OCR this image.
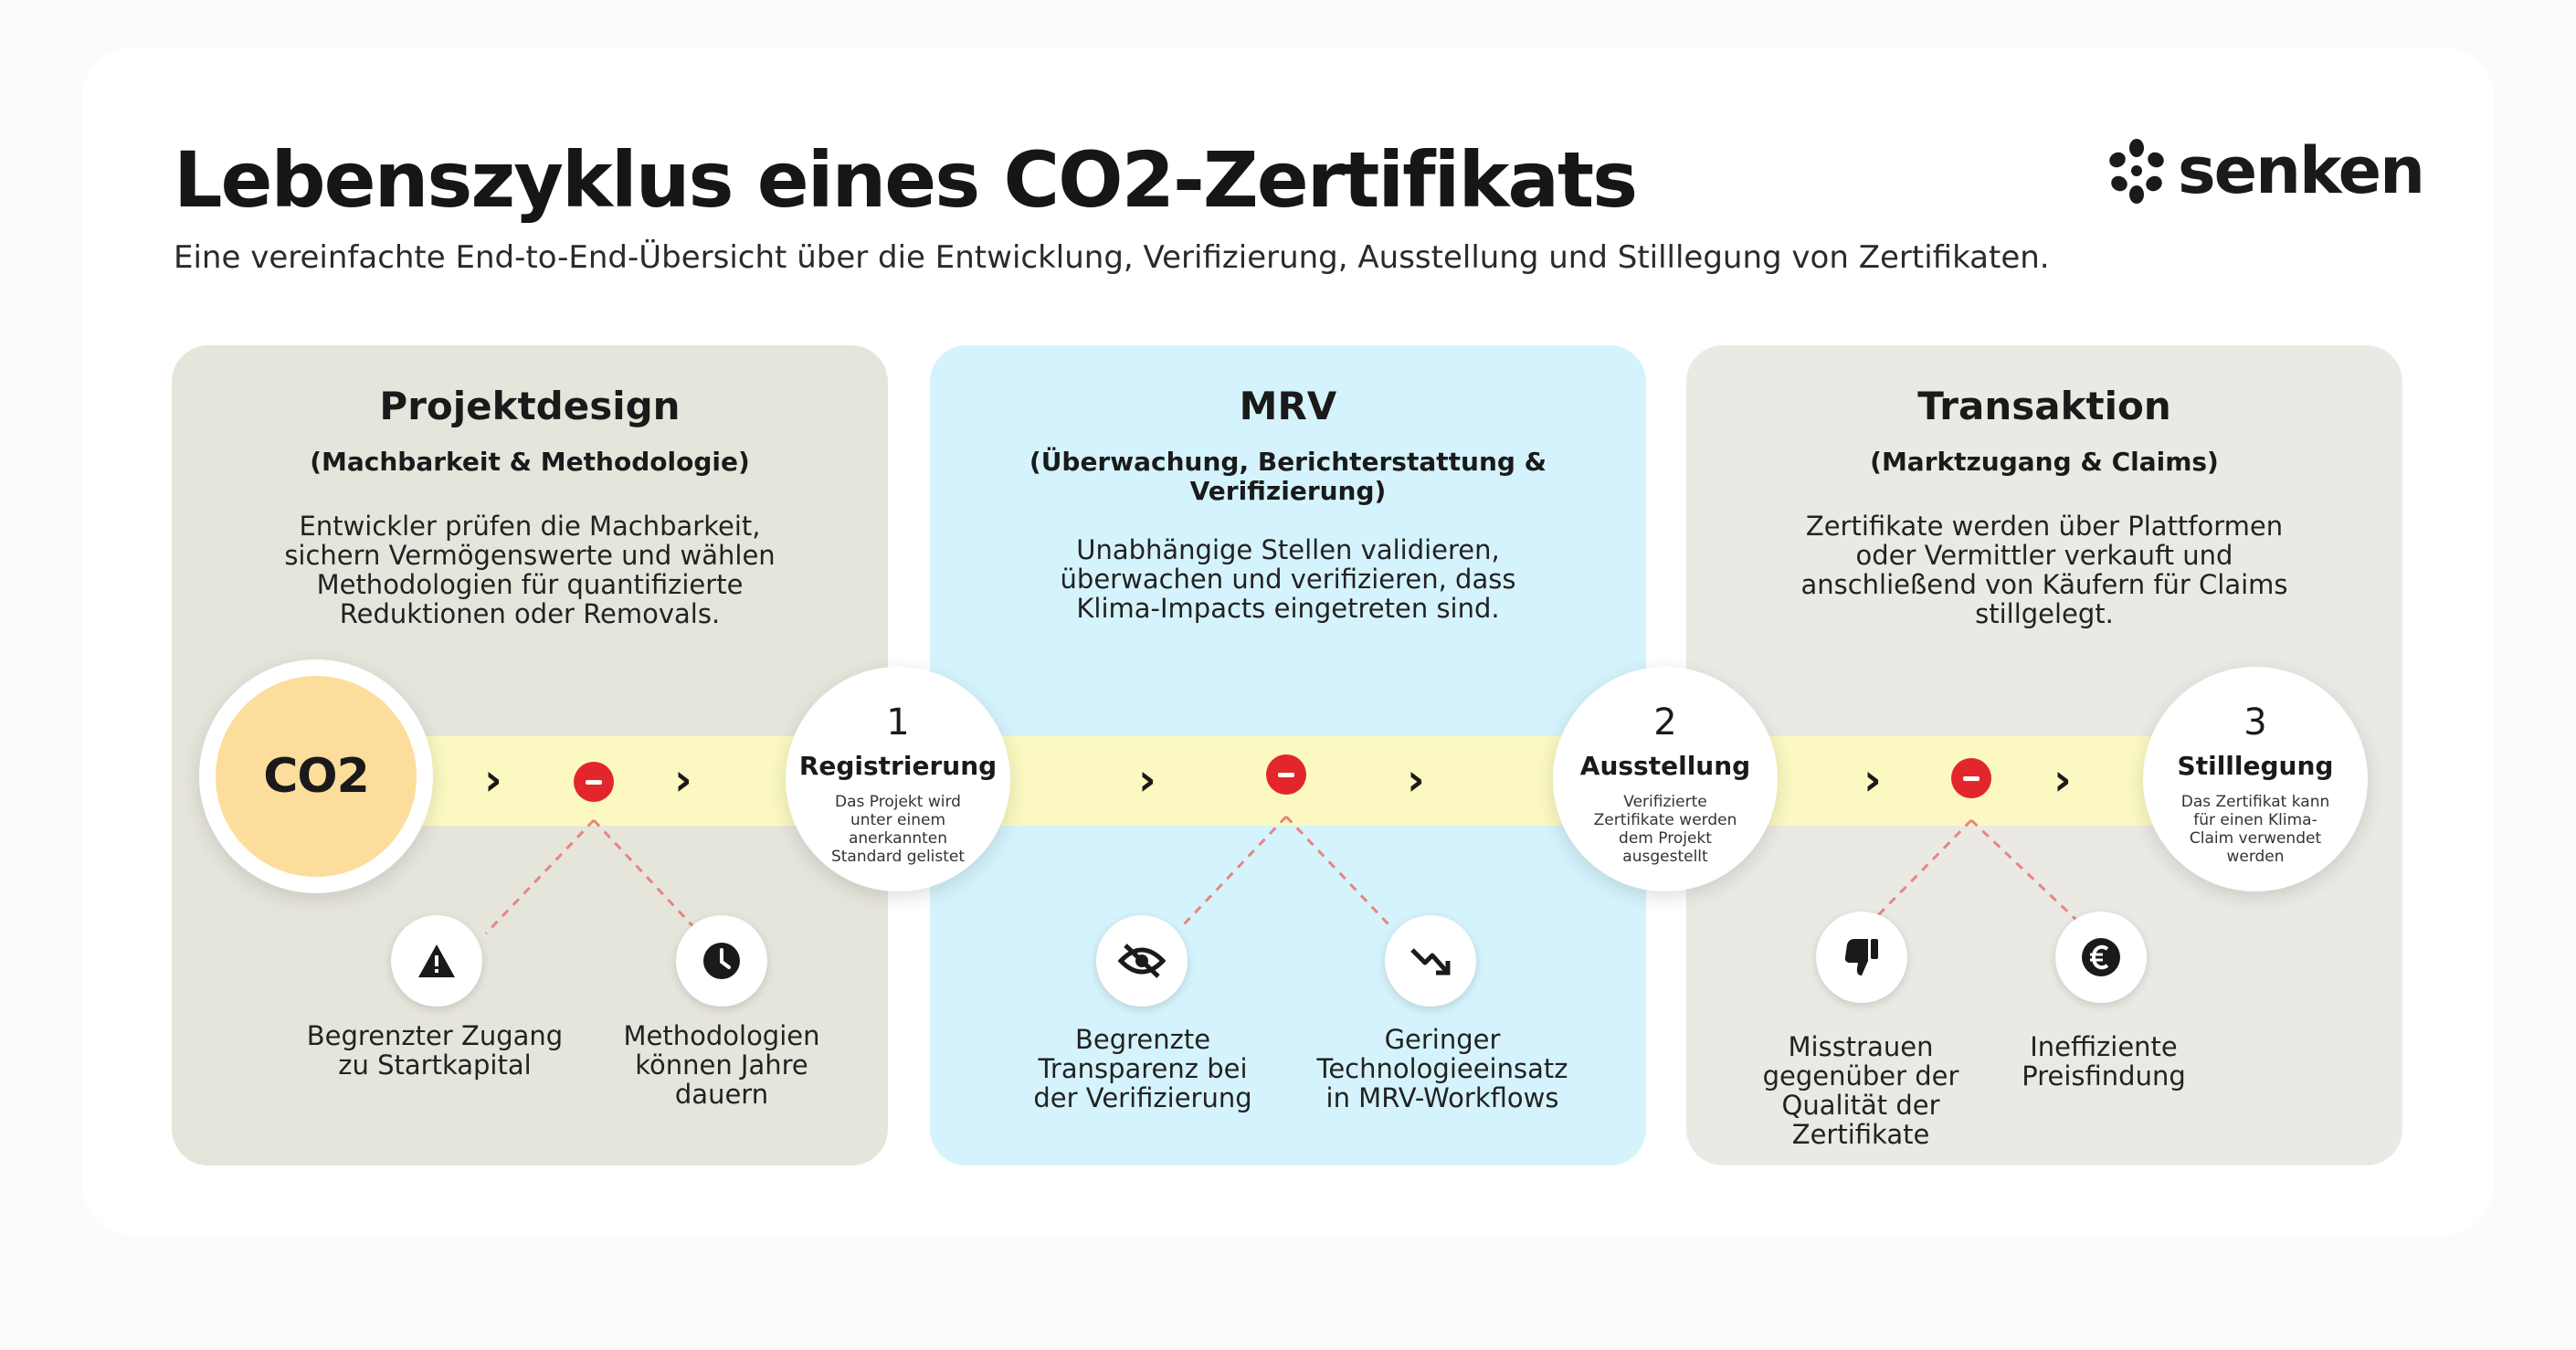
Lebenszyklus eines CO2-Zertifikats

Eine vereinfachte End-to-End-Übersicht über die Entwicklung, Verifizierung, Ausstellung und Stilllegung von Zertifikaten.

senken
Projektdesign
(Machbarkeit & Methodologie)
Entwickler prüfen die Machbarkeit, sichern Vermögenswerte und wählen Methodologien für quantifizierte Reduktionen oder Removals.
MRV
(Überwachung, Berichterstattung & Verifizierung)
Unabhängige Stellen validieren, überwachen und verifizieren, dass Klima-Impacts eingetreten sind.
Transaktion
(Marktzugang & Claims)
Zertifikate werden über Plattformen oder Vermittler verkauft und anschließend von Käufern für Claims stillgelegt.
›	›	›	›	›	›
CO2
1
Registrierung
Das Projekt wird unter einem anerkannten Standard gelistet
2
Ausstellung
Verifizierte Zertifikate werden dem Projekt ausgestellt
3
Stilllegung
Das Zertifikat kann für einen Klima-Claim verwendet werden
Begrenzter Zugang zu Startkapital
Methodologien können Jahre dauern
Begrenzte Transparenz bei der Verifizierung
Geringer Technologieeinsatz in MRV-Workflows
Misstrauen gegenüber der Qualität der Zertifikate
Ineffiziente Preisfindung
